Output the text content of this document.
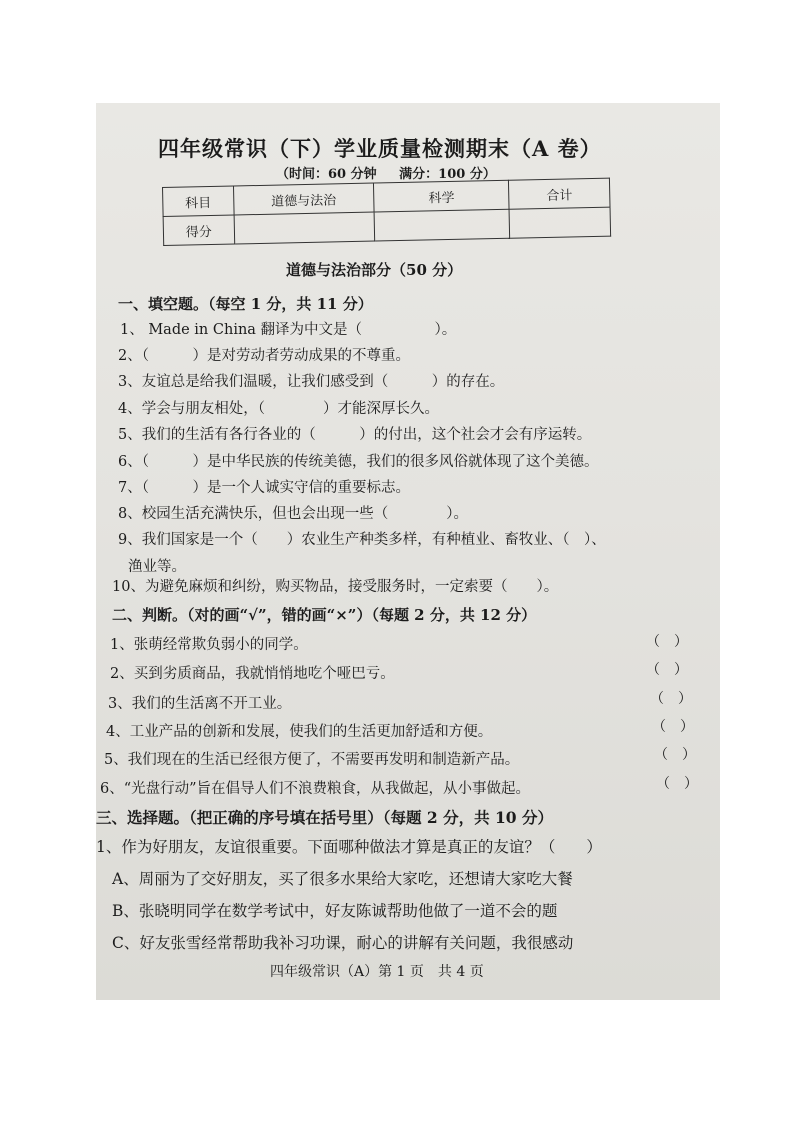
四年级常识（下）学业质量检测期末（A 卷）
（时间：60 分钟 满分：100 分）
科目	道德与法治	科学	合计
得分			
道德与法治部分（50 分）
一、填空题。（每空 1 分，共 11 分）
1、 Made in China 翻译为中文是（　　　　　）。
2、（　　　）是对劳动者劳动成果的不尊重。
3、友谊总是给我们温暖，让我们感受到（　　　）的存在。
4、学会与朋友相处，（　　　　）才能深厚长久。
5、我们的生活有各行各业的（　　　）的付出，这个社会才会有序运转。
6、（　　　）是中华民族的传统美德，我们的很多风俗就体现了这个美德。
7、（　　　）是一个人诚实守信的重要标志。
8、校园生活充满快乐，但也会出现一些（　　　　）。
9、我们国家是一个（　　）农业生产种类多样，有种植业、畜牧业、（　）、
渔业等。
10、为避免麻烦和纠纷，购买物品，接受服务时，一定索要（　　）。
二、判断。（对的画“√”，错的画“×”）（每题 2 分，共 12 分）
1、张萌经常欺负弱小的同学。	（　）
2、买到劣质商品，我就悄悄地吃个哑巴亏。	（　）
3、我们的生活离不开工业。	（　）
4、工业产品的创新和发展，使我们的生活更加舒适和方便。	（　）
5、我们现在的生活已经很方便了，不需要再发明和制造新产品。	（　）
6、“光盘行动”旨在倡导人们不浪费粮食，从我做起，从小事做起。	（　）
三、选择题。（把正确的序号填在括号里）（每题 2 分，共 10 分）
1、作为好朋友，友谊很重要。下面哪种做法才算是真正的友谊？（　　）
A、周丽为了交好朋友，买了很多水果给大家吃，还想请大家吃大餐
B、张晓明同学在数学考试中，好友陈诚帮助他做了一道不会的题
C、好友张雪经常帮助我补习功课，耐心的讲解有关问题，我很感动
四年级常识（A）第 1 页　共 4 页
